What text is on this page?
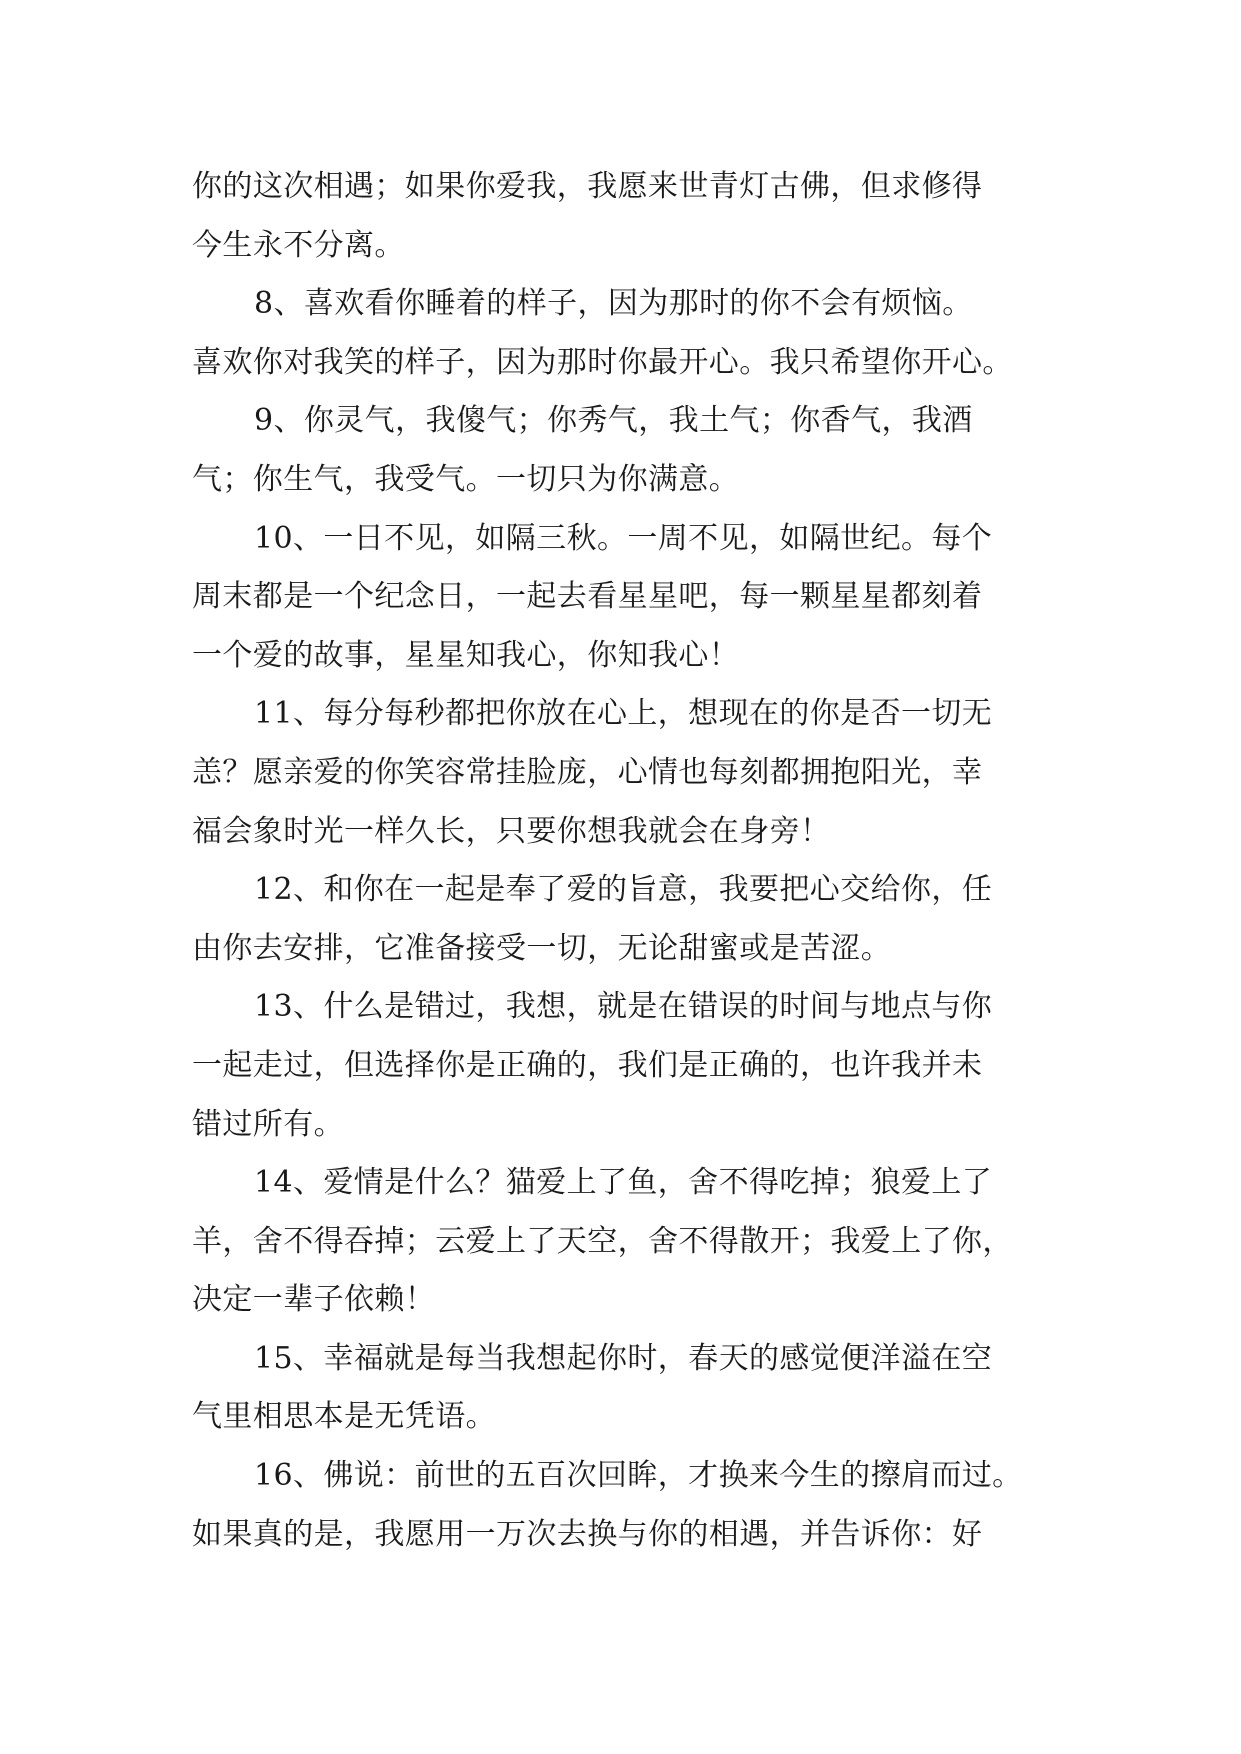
你的这次相遇；如果你爱我，我愿来世青灯古佛，但求修得
今生永不分离。

8、喜欢看你睡着的样子，因为那时的你不会有烦恼。
喜欢你对我笑的样子，因为那时你最开心。我只希望你开心。

9、你灵气，我傻气；你秀气，我土气；你香气，我酒
气；你生气，我受气。一切只为你满意。

10、一日不见，如隔三秋。一周不见，如隔世纪。每个
周末都是一个纪念日，一起去看星星吧，每一颗星星都刻着
一个爱的故事，星星知我心，你知我心！

11、每分每秒都把你放在心上，想现在的你是否一切无
恙？愿亲爱的你笑容常挂脸庞，心情也每刻都拥抱阳光，幸
福会象时光一样久长，只要你想我就会在身旁！

12、和你在一起是奉了爱的旨意，我要把心交给你，任
由你去安排，它准备接受一切，无论甜蜜或是苦涩。

13、什么是错过，我想，就是在错误的时间与地点与你
一起走过，但选择你是正确的，我们是正确的，也许我并未
错过所有。

14、爱情是什么？猫爱上了鱼，舍不得吃掉；狼爱上了
羊，舍不得吞掉；云爱上了天空，舍不得散开；我爱上了你，
决定一辈子依赖！

15、幸福就是每当我想起你时，春天的感觉便洋溢在空
气里相思本是无凭语。

16、佛说：前世的五百次回眸，才换来今生的擦肩而过。
如果真的是，我愿用一万次去换与你的相遇，并告诉你：好
